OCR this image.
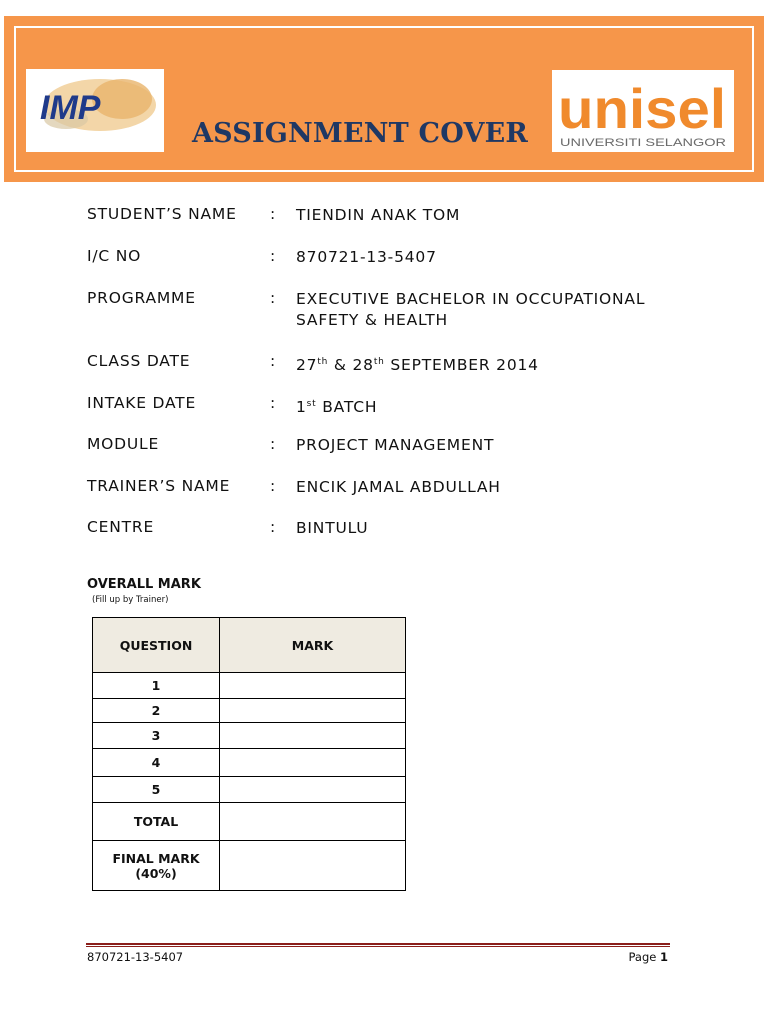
IMP	unisel
UNIVERSITI SELANGOR
ASSIGNMENT COVER
STUDENT’S NAME : TIENDIN ANAK TOM
I/C NO	: 870721-13-5407
PROGRAMME	: EXECUTIVE BACHELOR IN OCCUPATIONAL
SAFETY & HEALTH
CLASS DATE	: 27th & 28th SEPTEMBER 2014
INTAKE DATE	: 1st BATCH
MODULE	: PROJECT MANAGEMENT
TRAINER’S NAME	: ENCIK JAMAL ABDULLAH
CENTRE	: BINTULU
OVERALL MARK
(Fill up by Trainer)
QUESTION	MARK
1	
2	
3	
4	
5	
TOTAL	
FINAL MARK
(40%)	
870721-13-5407	Page 1
